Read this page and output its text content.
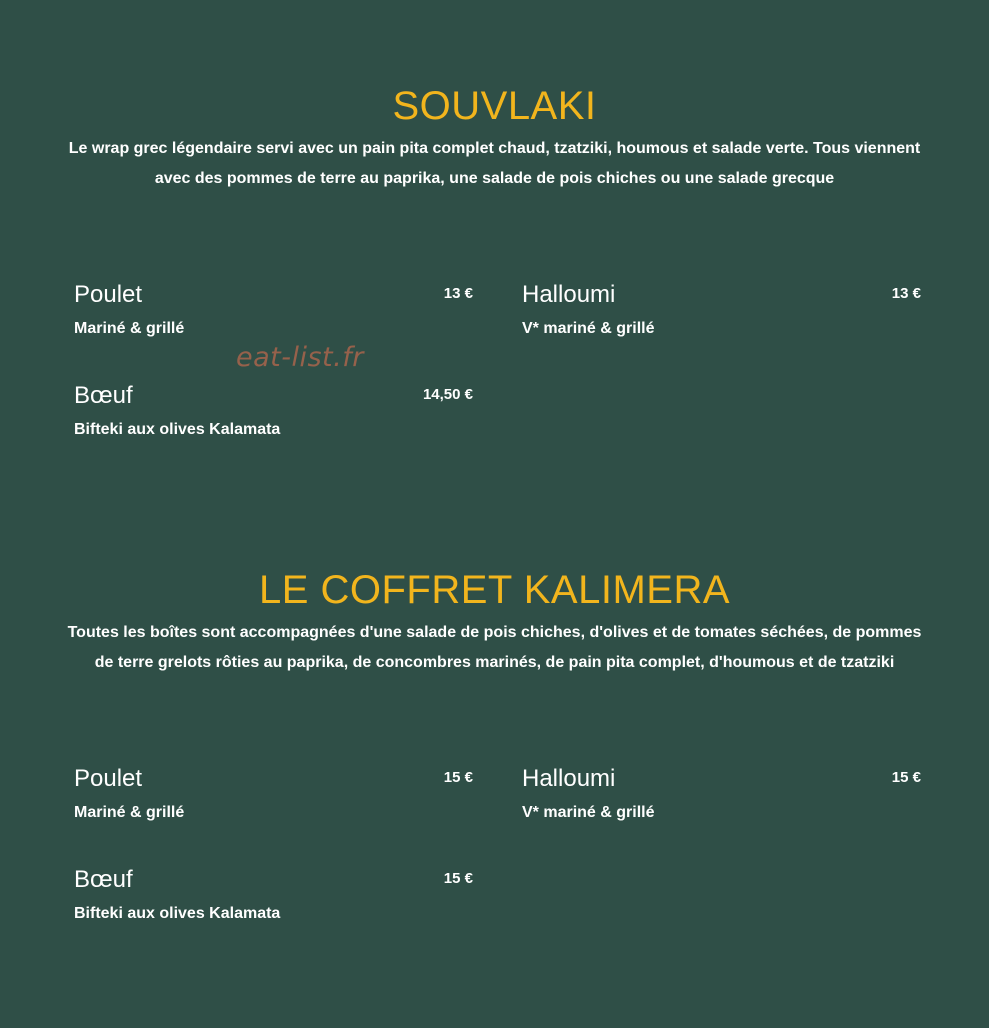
SOUVLAKI

Le wrap grec légendaire servi avec un pain pita complet chaud, tzatziki, houmous et salade verte. Tous viennent avec des pommes de terre au paprika, une salade de pois chiches ou une salade grecque

Poulet	13 €
Mariné & grillé
Halloumi	13 €
V* mariné & grillé
Bœuf	14,50 €
Bifteki aux olives Kalamata
eat-list.fr
LE COFFRET KALIMERA

Toutes les boîtes sont accompagnées d'une salade de pois chiches, d'olives et de tomates séchées, de pommes de terre grelots rôties au paprika, de concombres marinés, de pain pita complet, d'houmous et de tzatziki

Poulet	15 €
Mariné & grillé
Halloumi	15 €
V* mariné & grillé
Bœuf	15 €
Bifteki aux olives Kalamata
